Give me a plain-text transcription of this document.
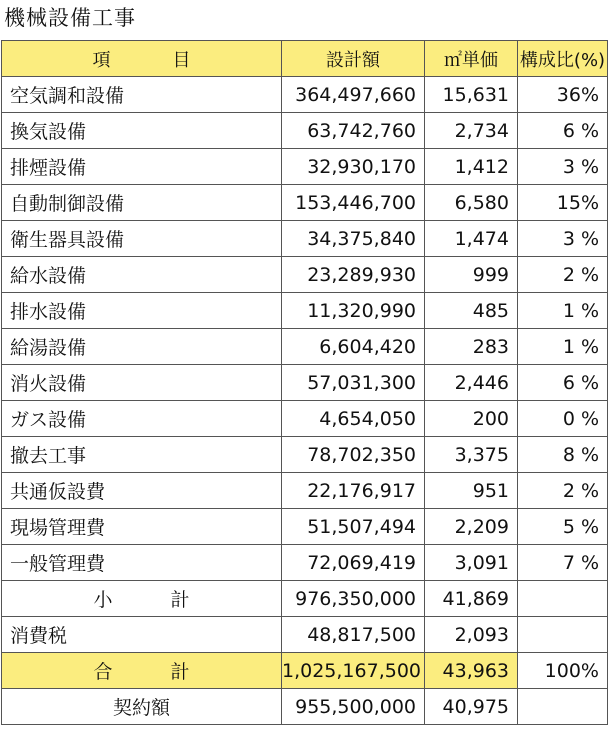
機械設備工事
項 目	設計額	㎡単価	構成比(%)
空気調和設備	364,497,660	15,631	36%
換気設備	63,742,760	2,734	6 %
排煙設備	32,930,170	1,412	3 %
自動制御設備	153,446,700	6,580	15%
衛生器具設備	34,375,840	1,474	3 %
給水設備	23,289,930	999	2 %
排水設備	11,320,990	485	1 %
給湯設備	6,604,420	283	1 %
消火設備	57,031,300	2,446	6 %
ガス設備	4,654,050	200	0 %
撤去工事	78,702,350	3,375	8 %
共通仮設費	22,176,917	951	2 %
現場管理費	51,507,494	2,209	5 %
一般管理費	72,069,419	3,091	7 %
小 計	976,350,000	41,869	
消費税	48,817,500	2,093	
合 計	1,025,167,500	43,963	100%
契約額	955,500,000	40,975	
